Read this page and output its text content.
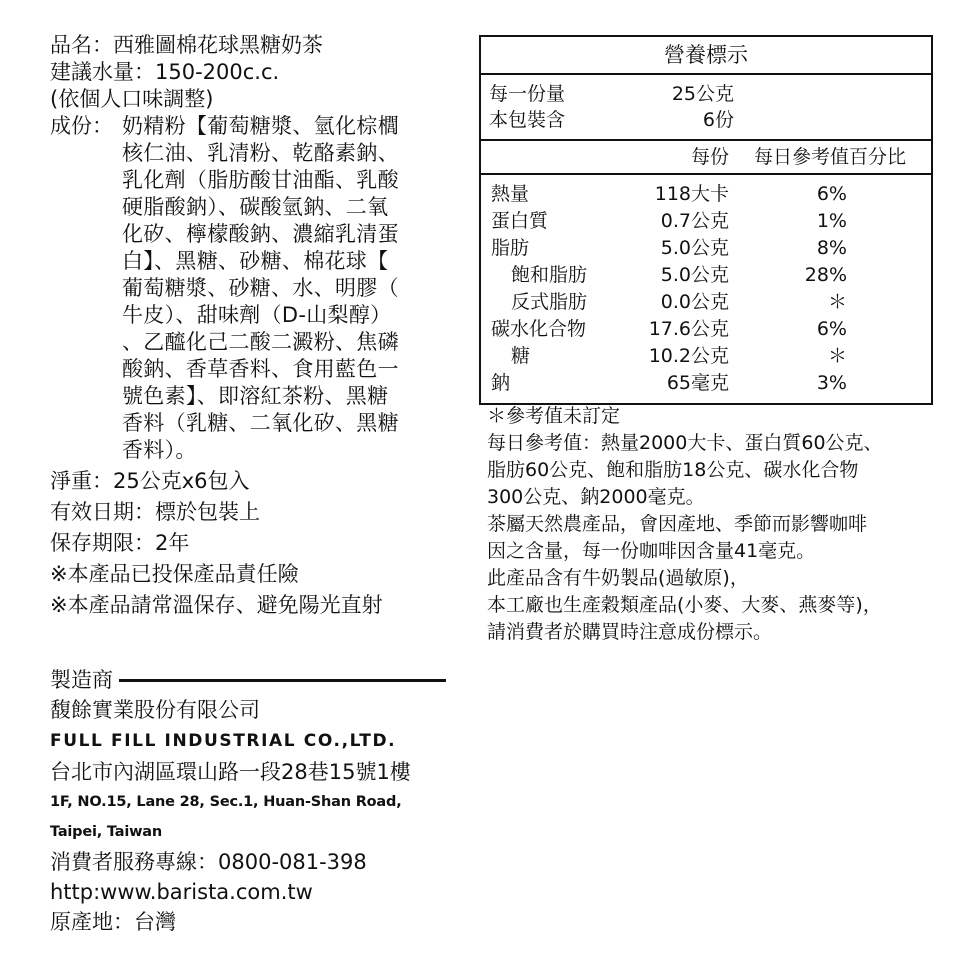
品名：西雅圖棉花球黑糖奶茶
建議水量：150-200c.c.
(依個人口味調整)
成份： 奶精粉【葡萄糖漿、氫化棕櫚
核仁油、乳清粉、乾酪素鈉、
乳化劑（脂肪酸甘油酯、乳酸
硬脂酸鈉）、碳酸氫鈉、二氧
化矽、檸檬酸鈉、濃縮乳清蛋
白】、黑糖、砂糖、棉花球【
葡萄糖漿、砂糖、水、明膠（
牛皮）、甜味劑（D-山梨醇）
、乙醯化己二酸二澱粉、焦磷
酸鈉、香草香料、食用藍色一
號色素】、即溶紅茶粉、黑糖
香料（乳糖、二氧化矽、黑糖
香料）。
淨重：25公克x6包入
有效日期：標於包裝上
保存期限：2年
※本產品已投保產品責任險
※本產品請常溫保存、避免陽光直射
製造商
馥餘實業股份有限公司
FULL FILL INDUSTRIAL CO.,LTD.
台北市內湖區環山路一段28巷15號1樓
1F, NO.15, Lane 28, Sec.1, Huan-Shan Road,
Taipei, Taiwan
消費者服務專線：0800-081-398
http:www.barista.com.tw
原產地：台灣
營養標示
每一份量	25公克
本包裝含	6份
每份	每日參考值百分比
熱量	118大卡	6%
蛋白質	0.7公克	1%
脂肪	5.0公克	8%
飽和脂肪	5.0公克	28%
反式脂肪	0.0公克	＊
碳水化合物	17.6公克	6%
糖	10.2公克	＊
鈉	65毫克	3%
＊參考值未訂定
每日參考值：熱量2000大卡、蛋白質60公克、
脂肪60公克、飽和脂肪18公克、碳水化合物
300公克、鈉2000毫克。
茶屬天然農產品，會因產地、季節而影響咖啡
因之含量，每一份咖啡因含量41毫克。
此產品含有牛奶製品(過敏原)，
本工廠也生產穀類產品(小麥、大麥、燕麥等)，
請消費者於購買時注意成份標示。
